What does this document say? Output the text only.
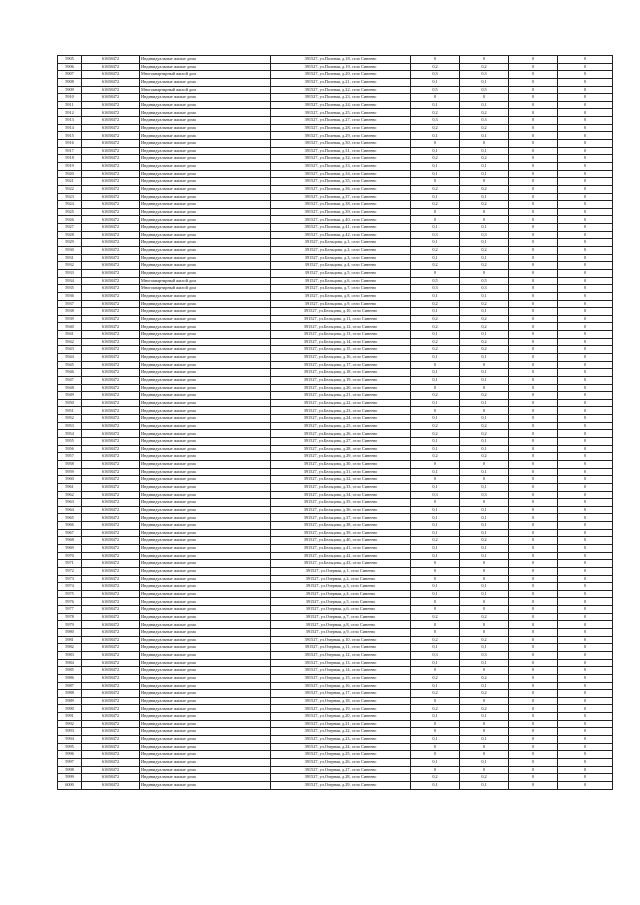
5905	61658472	Индивидуальные жилые дома	391527, ул.Полевая, д.18, село Синеево	0	0	0	0
5906	61658472	Индивидуальные жилые дома	391527, ул.Полевая, д.19, село Синеево	0,2	0,2	0	0
5907	61658472	Многоквартирный жилой дом	391527, ул.Полевая, д.20, село Синеево	0,3	0,3	0	0
5908	61658472	Индивидуальные жилые дома	391527, ул.Полевая, д.21, село Синеево	0,1	0,1	0	0
5909	61658472	Многоквартирный жилой дом	391527, ул.Полевая, д.22, село Синеево	0,5	0,5	0	0
5910	61658472	Индивидуальные жилые дома	391527, ул.Полевая, д.23, село Синеево	0	0	0	0
5911	61658472	Индивидуальные жилые дома	391527, ул.Полевая, д.24, село Синеево	0,1	0,1	0	0
5912	61658472	Индивидуальные жилые дома	391527, ул.Полевая, д.25, село Синеево	0,2	0,2	0	0
5913	61658472	Индивидуальные жилые дома	391527, ул.Полевая, д.27, село Синеево	0,3	0,3	0	0
5914	61658472	Индивидуальные жилые дома	391527, ул.Полевая, д.28, село Синеево	0,2	0,2	0	0
5915	61658472	Индивидуальные жилые дома	391527, ул.Полевая, д.29, село Синеево	0,1	0,1	0	0
5916	61658472	Индивидуальные жилые дома	391527, ул.Полевая, д.30, село Синеево	0	0	0	0
5917	61658472	Индивидуальные жилые дома	391527, ул.Полевая, д.31, село Синеево	0,1	0,1	0	0
5918	61658472	Индивидуальные жилые дома	391527, ул.Полевая, д.32, село Синеево	0,2	0,2	0	0
5919	61658472	Индивидуальные жилые дома	391527, ул.Полевая, д.33, село Синеево	0,1	0,1	0	0
5920	61658472	Индивидуальные жилые дома	391527, ул.Полевая, д.34, село Синеево	0,1	0,1	0	0
5921	61658472	Индивидуальные жилые дома	391527, ул.Полевая, д.35, село Синеево	0	0	0	0
5922	61658472	Индивидуальные жилые дома	391527, ул.Полевая, д.36, село Синеево	0,2	0,2	0	0
5923	61658472	Индивидуальные жилые дома	391527, ул.Полевая, д.37, село Синеево	0,1	0,1	0	0
5924	61658472	Индивидуальные жилые дома	391527, ул.Полевая, д.38, село Синеево	0,2	0,2	0	0
5925	61658472	Индивидуальные жилые дома	391527, ул.Полевая, д.39, село Синеево	0	0	0	0
5926	61658472	Индивидуальные жилые дома	391527, ул.Полевая, д.40, село Синеево	0	0	0	0
5927	61658472	Индивидуальные жилые дома	391527, ул.Полевая, д.41, село Синеево	0,1	0,1	0	0
5928	61658472	Индивидуальные жилые дома	391527, ул.Полевая, д.42, село Синеево	0,3	0,3	0	0
5929	61658472	Индивидуальные жилые дома	391527, ул.Бельцова, д.1, село Синеево	0,1	0,1	0	0
5930	61658472	Индивидуальные жилые дома	391527, ул.Бельцова, д.2, село Синеево	0,2	0,2	0	0
5931	61658472	Индивидуальные жилые дома	391527, ул.Бельцова, д.3, село Синеево	0,1	0,1	0	0
5932	61658472	Индивидуальные жилые дома	391527, ул.Бельцова, д.4, село Синеево	0,2	0,2	0	0
5933	61658472	Индивидуальные жилые дома	391527, ул.Бельцова, д.5, село Синеево	0	0	0	0
5934	61658472	Многоквартирный жилой дом	391527, ул.Бельцова, д.6, село Синеево	0,5	0,5	0	0
5935	61658472	Многоквартирный жилой дом	391527, ул.Бельцова, д.7, село Синеево	0,3	0,3	0	0
5936	61658472	Индивидуальные жилые дома	391527, ул.Бельцова, д.8, село Синеево	0,1	0,1	0	0
5937	61658472	Индивидуальные жилые дома	391527, ул.Бельцова, д.9, село Синеево	0,2	0,2	0	0
5938	61658472	Индивидуальные жилые дома	391527, ул.Бельцова, д.10, село Синеево	0,1	0,1	0	0
5939	61658472	Индивидуальные жилые дома	391527, ул.Бельцова, д.11, село Синеево	0,2	0,2	0	0
5940	61658472	Индивидуальные жилые дома	391527, ул.Бельцова, д.12, село Синеево	0,2	0,2	0	0
5941	61658472	Индивидуальные жилые дома	391527, ул.Бельцова, д.13, село Синеево	0,1	0,1	0	0
5942	61658472	Индивидуальные жилые дома	391527, ул.Бельцова, д.14, село Синеево	0,2	0,2	0	0
5943	61658472	Индивидуальные жилые дома	391527, ул.Бельцова, д.15, село Синеево	0,2	0,2	0	0
5944	61658472	Индивидуальные жилые дома	391527, ул.Бельцова, д.16, село Синеево	0,1	0,1	0	0
5945	61658472	Индивидуальные жилые дома	391527, ул.Бельцова, д.17, село Синеево	0	0	0	0
5946	61658472	Индивидуальные жилые дома	391527, ул.Бельцова, д.18, село Синеево	0,1	0,1	0	0
5947	61658472	Индивидуальные жилые дома	391527, ул.Бельцова, д.19, село Синеево	0,1	0,1	0	0
5948	61658472	Индивидуальные жилые дома	391527, ул.Бельцова, д.20, село Синеево	0	0	0	0
5949	61658472	Индивидуальные жилые дома	391527, ул.Бельцова, д.21, село Синеево	0,2	0,2	0	0
5950	61658472	Индивидуальные жилые дома	391527, ул.Бельцова, д.22, село Синеево	0,1	0,1	0	0
5951	61658472	Индивидуальные жилые дома	391527, ул.Бельцова, д.23, село Синеево	0	0	0	0
5952	61658472	Индивидуальные жилые дома	391527, ул.Бельцова, д.24, село Синеево	0,1	0,1	0	0
5953	61658472	Индивидуальные жилые дома	391527, ул.Бельцова, д.25, село Синеево	0,2	0,2	0	0
5954	61658472	Индивидуальные жилые дома	391527, ул.Бельцова, д.26, село Синеево	0,2	0,2	0	0
5955	61658472	Индивидуальные жилые дома	391527, ул.Бельцова, д.27, село Синеево	0,1	0,1	0	0
5956	61658472	Индивидуальные жилые дома	391527, ул.Бельцова, д.28, село Синеево	0,1	0,1	0	0
5957	61658472	Индивидуальные жилые дома	391527, ул.Бельцова, д.29, село Синеево	0,2	0,2	0	0
5958	61658472	Индивидуальные жилые дома	391527, ул.Бельцова, д.30, село Синеево	0	0	0	0
5959	61658472	Индивидуальные жилые дома	391527, ул.Бельцова, д.31, село Синеево	0,1	0,1	0	0
5960	61658472	Индивидуальные жилые дома	391527, ул.Бельцова, д.32, село Синеево	0	0	0	0
5961	61658472	Индивидуальные жилые дома	391527, ул.Бельцова, д.33, село Синеево	0,1	0,1	0	0
5962	61658472	Индивидуальные жилые дома	391527, ул.Бельцова, д.34, село Синеево	0,3	0,3	0	0
5963	61658472	Индивидуальные жилые дома	391527, ул.Бельцова, д.35, село Синеево	0	0	0	0
5964	61658472	Индивидуальные жилые дома	391527, ул.Бельцова, д.36, село Синеево	0,1	0,1	0	0
5965	61658472	Индивидуальные жилые дома	391527, ул.Бельцова, д.37, село Синеево	0,1	0,1	0	0
5966	61658472	Индивидуальные жилые дома	391527, ул.Бельцова, д.38, село Синеево	0,1	0,1	0	0
5967	61658472	Индивидуальные жилые дома	391527, ул.Бельцова, д.39, село Синеево	0,1	0,1	0	0
5968	61658472	Индивидуальные жилые дома	391527, ул.Бельцова, д.40, село Синеево	0,2	0,2	0	0
5969	61658472	Индивидуальные жилые дома	391527, ул.Бельцова, д.41, село Синеево	0,1	0,1	0	0
5970	61658472	Индивидуальные жилые дома	391527, ул.Бельцова, д.42, село Синеево	0,1	0,1	0	0
5971	61658472	Индивидуальные жилые дома	391527, ул.Бельцова, д.43, село Синеево	0	0	0	0
5972	61658472	Индивидуальные жилые дома	391527, ул.Озерная, д.1, село Синеево	0	0	0	0
5973	61658472	Индивидуальные жилые дома	391527, ул.Озерная, д.2, село Синеево	0	0	0	0
5974	61658472	Индивидуальные жилые дома	391527, ул.Озерная, д.3, село Синеево	0,1	0,1	0	0
5975	61658472	Индивидуальные жилые дома	391527, ул.Озерная, д.4, село Синеево	0,1	0,1	0	0
5976	61658472	Индивидуальные жилые дома	391527, ул.Озерная, д.5, село Синеево	0	0	0	0
5977	61658472	Индивидуальные жилые дома	391527, ул.Озерная, д.6, село Синеево	0	0	0	0
5978	61658472	Индивидуальные жилые дома	391527, ул.Озерная, д.7, село Синеево	0,2	0,2	0	0
5979	61658472	Индивидуальные жилые дома	391527, ул.Озерная, д.8, село Синеево	0	0	0	0
5980	61658472	Индивидуальные жилые дома	391527, ул.Озерная, д.9, село Синеево	0	0	0	0
5981	61658472	Индивидуальные жилые дома	391527, ул.Озерная, д.10, село Синеево	0,2	0,2	0	0
5982	61658472	Индивидуальные жилые дома	391527, ул.Озерная, д.11, село Синеево	0,1	0,1	0	0
5983	61658472	Индивидуальные жилые дома	391527, ул.Озерная, д.12, село Синеево	0,3	0,3	0	0
5984	61658472	Индивидуальные жилые дома	391527, ул.Озерная, д.13, село Синеево	0,1	0,1	0	0
5985	61658472	Индивидуальные жилые дома	391527, ул.Озерная, д.14, село Синеево	0	0	0	0
5986	61658472	Индивидуальные жилые дома	391527, ул.Озерная, д.15, село Синеево	0,2	0,2	0	0
5987	61658472	Индивидуальные жилые дома	391527, ул.Озерная, д.16, село Синеево	0,1	0,1	0	0
5988	61658472	Индивидуальные жилые дома	391527, ул.Озерная, д.17, село Синеево	0,2	0,2	0	0
5989	61658472	Индивидуальные жилые дома	391527, ул.Озерная, д.18, село Синеево	0	0	0	0
5990	61658472	Индивидуальные жилые дома	391527, ул.Озерная, д.19, село Синеево	0,2	0,2	0	0
5991	61658472	Индивидуальные жилые дома	391527, ул.Озерная, д.20, село Синеево	0,1	0,1	0	0
5992	61658472	Индивидуальные жилые дома	391527, ул.Озерная, д.21, село Синеево	0	0	0	0
5993	61658472	Индивидуальные жилые дома	391527, ул.Озерная, д.22, село Синеево	0	0	0	0
5994	61658472	Индивидуальные жилые дома	391527, ул.Озерная, д.23, село Синеево	0,1	0,1	0	0
5995	61658472	Индивидуальные жилые дома	391527, ул.Озерная, д.24, село Синеево	0	0	0	0
5996	61658472	Индивидуальные жилые дома	391527, ул.Озерная, д.25, село Синеево	0	0	0	0
5997	61658472	Индивидуальные жилые дома	391527, ул.Озерная, д.26, село Синеево	0,1	0,1	0	0
5998	61658472	Индивидуальные жилые дома	391527, ул.Озерная, д.27, село Синеево	0	0	0	0
5999	61658472	Индивидуальные жилые дома	391527, ул.Озерная, д.28, село Синеево	0,2	0,2	0	0
6000	61658472	Индивидуальные жилые дома	391527, ул.Озерная, д.29, село Синеево	0,1	0,1	0	0
